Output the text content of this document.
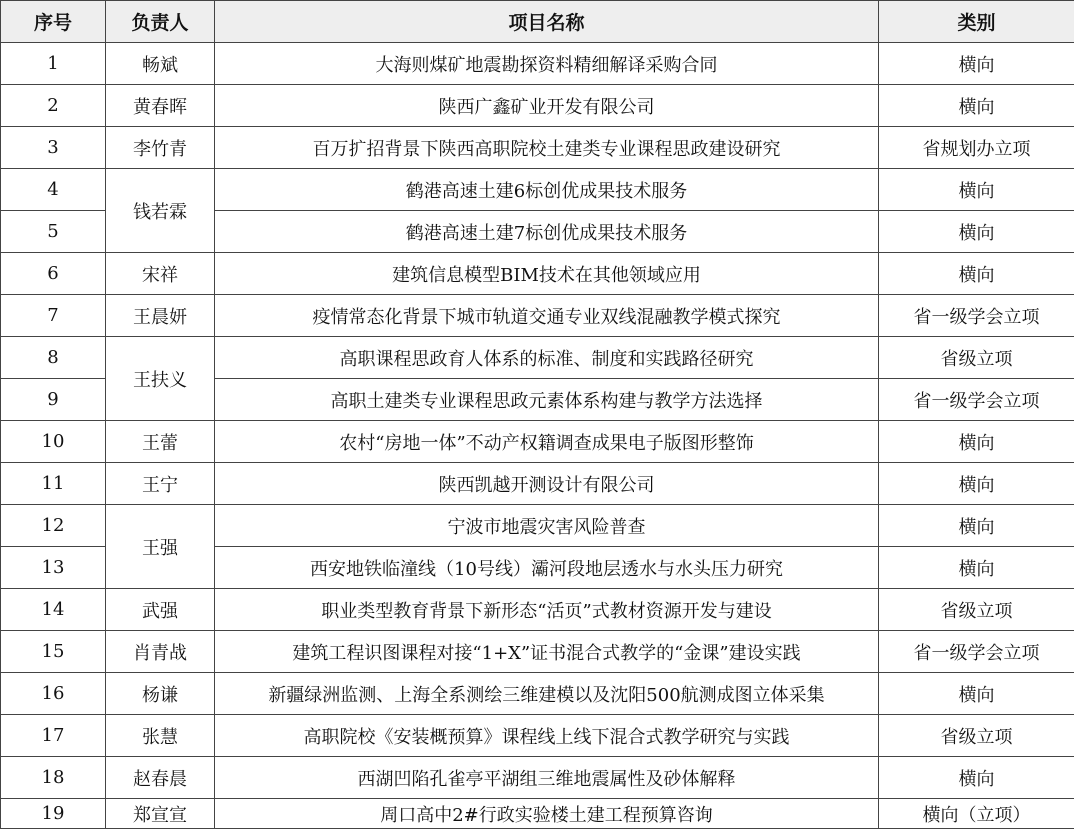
序号	负责人	项目名称	类别
1	畅斌	大海则煤矿地震勘探资料精细解译采购合同	横向
2	黄春晖	陕西广鑫矿业开发有限公司	横向
3	李竹青	百万扩招背景下陕西高职院校土建类专业课程思政建设研究	省规划办立项
4	钱若霖	鹤港高速土建6标创优成果技术服务	横向
5		鹤港高速土建7标创优成果技术服务	横向
6	宋祥	建筑信息模型BIM技术在其他领域应用	横向
7	王晨妍	疫情常态化背景下城市轨道交通专业双线混融教学模式探究	省一级学会立项
8	王扶义	高职课程思政育人体系的标准、制度和实践路径研究	省级立项
9		高职土建类专业课程思政元素体系构建与教学方法选择	省一级学会立项
10	王蕾	农村“房地一体”不动产权籍调查成果电子版图形整饰	横向
11	王宁	陕西凯越开测设计有限公司	横向
12	王强	宁波市地震灾害风险普查	横向
13		西安地铁临潼线（10号线）灞河段地层透水与水头压力研究	横向
14	武强	职业类型教育背景下新形态“活页”式教材资源开发与建设	省级立项
15	肖青战	建筑工程识图课程对接“1+X”证书混合式教学的“金课”建设实践	省一级学会立项
16	杨谦	新疆绿洲监测、上海全系测绘三维建模以及沈阳500航测成图立体采集	横向
17	张慧	高职院校《安装概预算》课程线上线下混合式教学研究与实践	省级立项
18	赵春晨	西湖凹陷孔雀亭平湖组三维地震属性及砂体解释	横向
19	郑宣宣	周口高中2#行政实验楼土建工程预算咨询	横向（立项）
